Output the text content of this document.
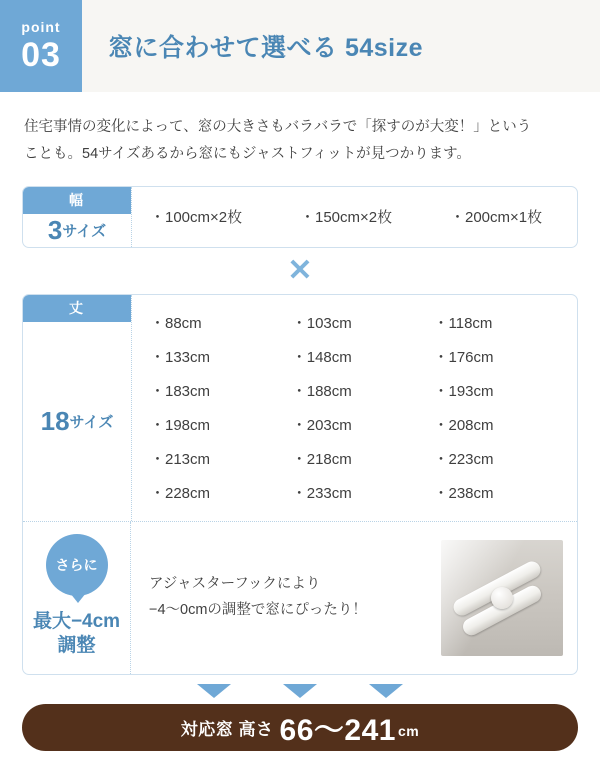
point
03	窓に合わせて選べる 54size
住宅事情の変化によって、窓の大きさもバラバラで「探すのが大変！」という
ことも。54サイズあるから窓にもジャストフィットが見つかります。
幅
3 サイズ
・100cm×2枚	・150cm×2枚	・200cm×1枚
✕
丈
18 サイズ
・88cm	・103cm	・118cm
・133cm	・148cm	・176cm
・183cm	・188cm	・193cm
・198cm	・203cm	・208cm
・213cm	・218cm	・223cm
・228cm	・233cm	・238cm
さらに
最大−4cm
調整
アジャスターフックにより
−4〜0cmの調整で窓にぴったり！
対応窓 高さ 66〜241 cm
